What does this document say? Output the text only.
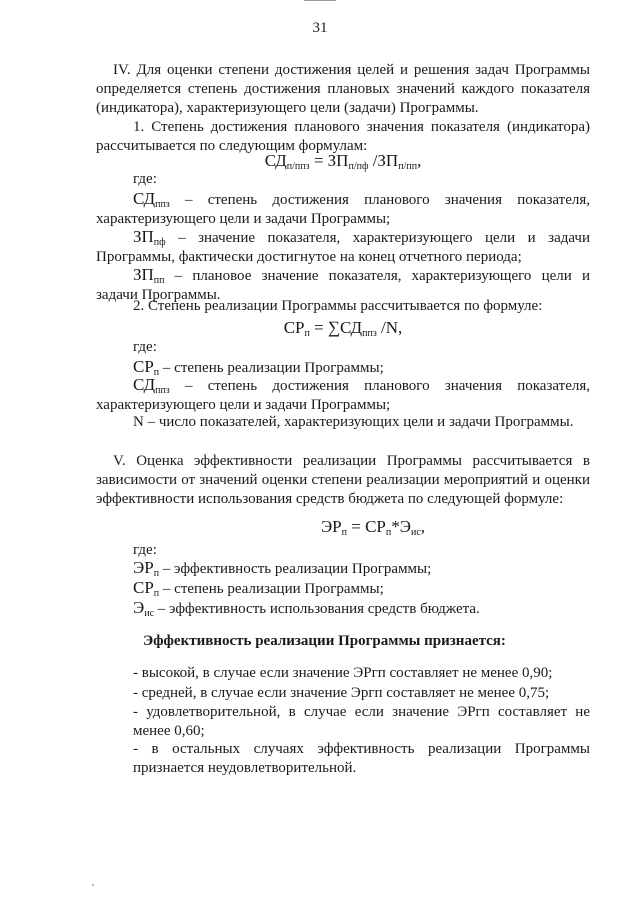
31
IV. Для оценки степени достижения целей и решения задач Программы определяется степень достижения плановых значений каждого показателя (индикатора), характеризующего цели (задачи) Программы.
1. Степень достижения планового значения показателя (индикатора) рассчитывается по следующим формулам:
$СД_{п/ппз} = ЗП_{п/пф}$ $/ЗП_{п/пп}$,
где:
$СД_{ппз}$ – степень достижения планового значения показателя, характеризующего цели и задачи Программы;
$ЗП_{пф}$ – значение показателя, характеризующего цели и задачи Программы, фактически достигнутое на конец отчетного периода;
$ЗП_{пп}$ – плановое значение показателя, характеризующего цели и задачи Программы.
2. Степень реализации Программы рассчитывается по формуле:
$СР_п = \sum СД_{ппз}$ /N,
где:
$СР_п$ – степень реализации Программы;
$СД_{ппз}$ – степень достижения планового значения показателя, характеризующего цели и задачи Программы;
N – число показателей, характеризующих цели и задачи Программы.
V. Оценка эффективности реализации Программы рассчитывается в зависимости от значений оценки степени реализации мероприятий и оценки эффективности использования средств бюджета по следующей формуле:
$ЭР_п = СР_п*Э_{ис}$,
где:
$ЭР_п$ – эффективность реализации Программы;
$СР_п$ – степень реализации Программы;
$Э_{ис}$ – эффективность использования средств бюджета.
Эффективность реализации Программы признается:
- высокой, в случае если значение ЭРгп составляет не менее 0,90;
- средней, в случае если значение Эргп составляет не менее 0,75;
- удовлетворительной, в случае если значение ЭРгп составляет не менее 0,60;
- в остальных случаях эффективность реализации Программы признается неудовлетворительной.
